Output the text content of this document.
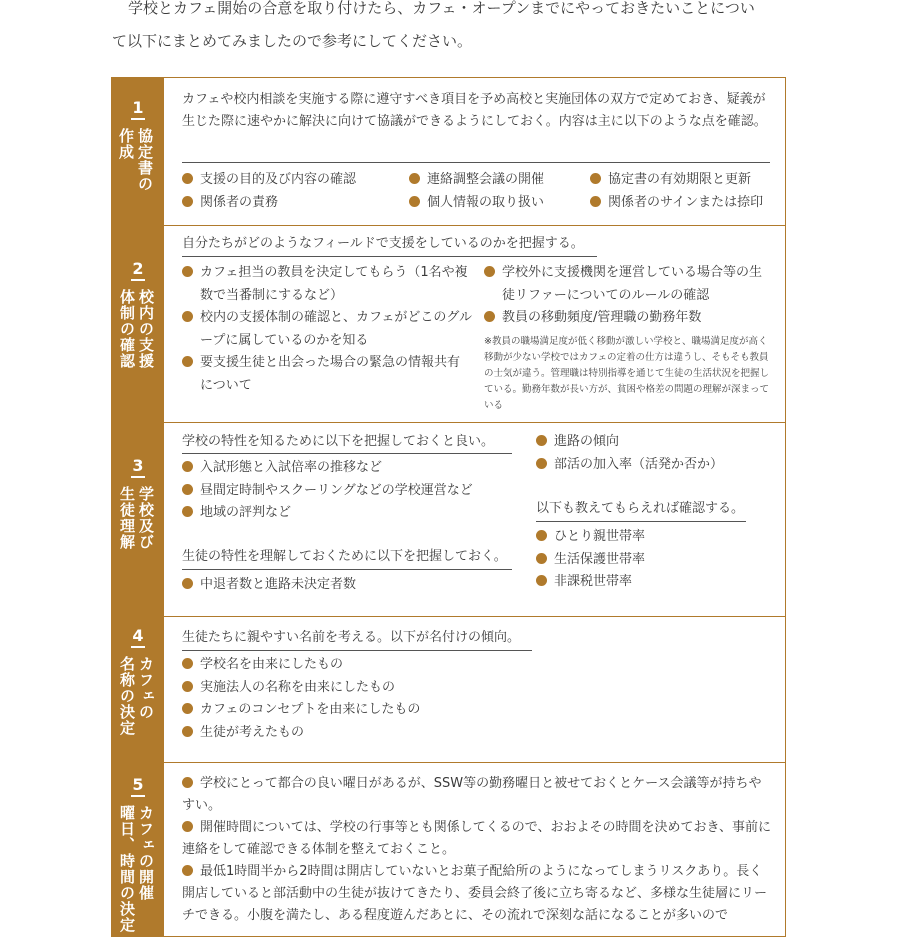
学校とカフェ開始の合意を取り付けたら、カフェ・オープンまでにやっておきたいことについ

て以下にまとめてみましたので参考にしてください。

1
協定書の
作成

カフェや校内相談を実施する際に遵守すべき項目を予め高校と実施団体の双方で定めておき、疑義が生じた際に速やかに解決に向けて協議ができるようにしておく。内容は主に以下のような点を確認。

支援の目的及び内容の確認
関係者の責務
連絡調整会議の開催
個人情報の取り扱い
協定書の有効期限と更新
関係者のサインまたは捺印
2
校内の支援
体制の確認

自分たちがどのようなフィールドで支援をしているのかを把握する。

カフェ担当の教員を決定してもらう（1名や複数で当番制にするなど）
校内の支援体制の確認と、カフェがどこのグループに属しているのかを知る
要支援生徒と出会った場合の緊急の情報共有について
学校外に支援機関を運営している場合等の生徒リファーについてのルールの確認
教員の移動頻度/管理職の勤務年数

※教員の職場満足度が低く移動が激しい学校と、職場満足度が高く移動が少ない学校ではカフェの定着の仕方は違うし、そもそも教員の士気が違う。管理職は特別指導を通じて生徒の生活状況を把握している。勤務年数が長い方が、貧困や格差の問題の理解が深まっている

3
学校及び
生徒理解

学校の特性を知るために以下を把握しておくと良い。

入試形態と入試倍率の推移など
昼間定時制やスクーリングなどの学校運営など
地域の評判など

生徒の特性を理解しておくために以下を把握しておく。

中退者数と進路未決定者数
進路の傾向
部活の加入率（活発か否か）

以下も教えてもらえれば確認する。

ひとり親世帯率
生活保護世帯率
非課税世帯率
4
カフェの
名称の決定

生徒たちに親やすい名前を考える。以下が名付けの傾向。

学校名を由来にしたもの
実施法人の名称を由来にしたもの
カフェのコンセプトを由来にしたもの
生徒が考えたもの
5
カフェの開催
曜日、時間の決定

学校にとって都合の良い曜日があるが、SSW等の勤務曜日と被せておくとケース会議等が持ちやすい。

開催時間については、学校の行事等とも関係してくるので、おおよその時間を決めておき、事前に連絡をして確認できる体制を整えておくこと。

最低1時間半から2時間は開店していないとお菓子配給所のようになってしまうリスクあり。長く開店していると部活動中の生徒が抜けてきたり、委員会終了後に立ち寄るなど、多様な生徒層にリーチできる。小腹を満たし、ある程度遊んだあとに、その流れで深刻な話になることが多いので
